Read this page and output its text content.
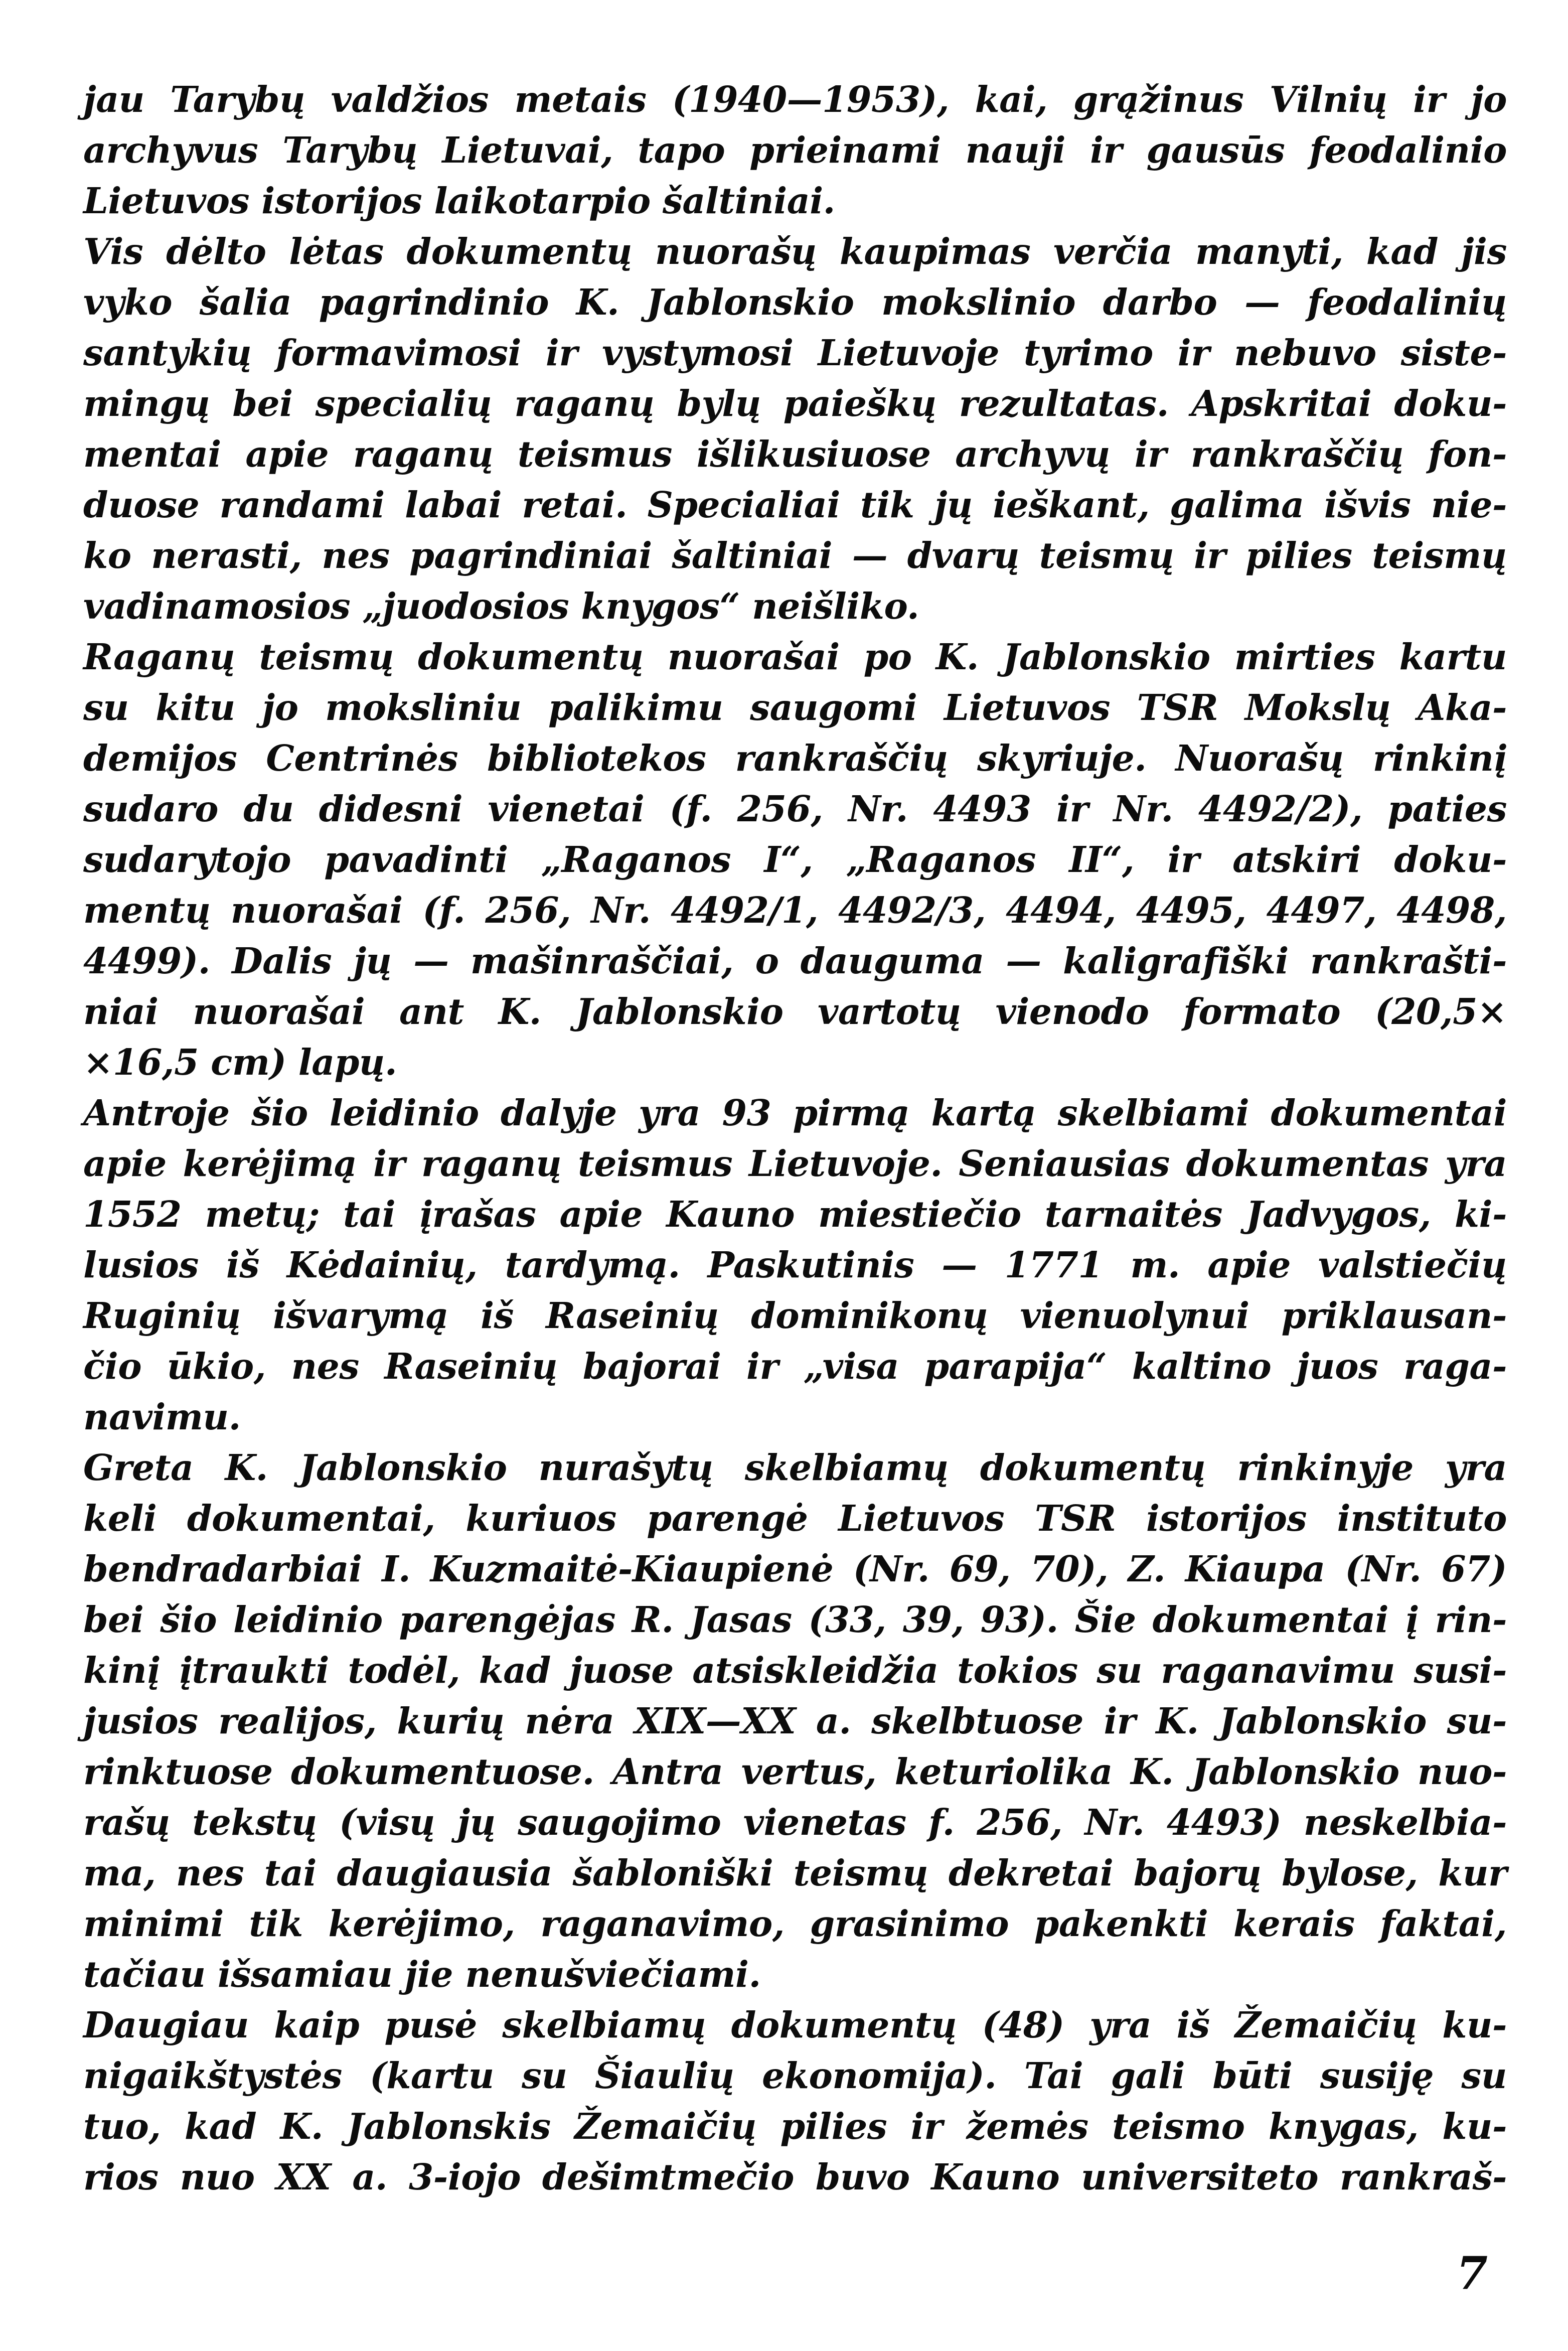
jau Tarybų valdžios metais (1940—1953), kai, grąžinus Vilnių ir jo
archyvus Tarybų Lietuvai, tapo prieinami nauji ir gausūs feodalinio
Lietuvos istorijos laikotarpio šaltiniai.
Vis dėlto lėtas dokumentų nuorašų kaupimas verčia manyti, kad jis
vyko šalia pagrindinio K. Jablonskio mokslinio darbo — feodalinių
santykių formavimosi ir vystymosi Lietuvoje tyrimo ir nebuvo siste-
mingų bei specialių raganų bylų paieškų rezultatas. Apskritai doku-
mentai apie raganų teismus išlikusiuose archyvų ir rankraščių fon-
duose randami labai retai. Specialiai tik jų ieškant, galima išvis nie-
ko nerasti, nes pagrindiniai šaltiniai — dvarų teismų ir pilies teismų
vadinamosios „juodosios knygos“ neišliko.
Raganų teismų dokumentų nuorašai po K. Jablonskio mirties kartu
su kitu jo moksliniu palikimu saugomi Lietuvos TSR Mokslų Aka-
demijos Centrinės bibliotekos rankraščių skyriuje. Nuorašų rinkinį
sudaro du didesni vienetai (f. 256, Nr. 4493 ir Nr. 4492/2), paties
sudarytojo pavadinti „Raganos I“, „Raganos II“, ir atskiri doku-
mentų nuorašai (f. 256, Nr. 4492/1, 4492/3, 4494, 4495, 4497, 4498,
4499). Dalis jų — mašinraščiai, o dauguma — kaligrafiški rankrašti-
niai nuorašai ant K. Jablonskio vartotų vienodo formato (20,5×
×16,5 cm) lapų.
Antroje šio leidinio dalyje yra 93 pirmą kartą skelbiami dokumentai
apie kerėjimą ir raganų teismus Lietuvoje. Seniausias dokumentas yra
1552 metų; tai įrašas apie Kauno miestiečio tarnaitės Jadvygos, ki-
lusios iš Kėdainių, tardymą. Paskutinis — 1771 m. apie valstiečių
Ruginių išvarymą iš Raseinių dominikonų vienuolynui priklausan-
čio ūkio, nes Raseinių bajorai ir „visa parapija“ kaltino juos raga-
navimu.
Greta K. Jablonskio nurašytų skelbiamų dokumentų rinkinyje yra
keli dokumentai, kuriuos parengė Lietuvos TSR istorijos instituto
bendradarbiai I. Kuzmaitė-Kiaupienė (Nr. 69, 70), Z. Kiaupa (Nr. 67)
bei šio leidinio parengėjas R. Jasas (33, 39, 93). Šie dokumentai į rin-
kinį įtraukti todėl, kad juose atsiskleidžia tokios su raganavimu susi-
jusios realijos, kurių nėra XIX—XX a. skelbtuose ir K. Jablonskio su-
rinktuose dokumentuose. Antra vertus, keturiolika K. Jablonskio nuo-
rašų tekstų (visų jų saugojimo vienetas f. 256, Nr. 4493) neskelbia-
ma, nes tai daugiausia šabloniški teismų dekretai bajorų bylose, kur
minimi tik kerėjimo, raganavimo, grasinimo pakenkti kerais faktai,
tačiau išsamiau jie nenušviečiami.
Daugiau kaip pusė skelbiamų dokumentų (48) yra iš Žemaičių ku-
nigaikštystės (kartu su Šiaulių ekonomija). Tai gali būti susiję su
tuo, kad K. Jablonskis Žemaičių pilies ir žemės teismo knygas, ku-
rios nuo XX a. 3-iojo dešimtmečio buvo Kauno universiteto rankraš-
7
